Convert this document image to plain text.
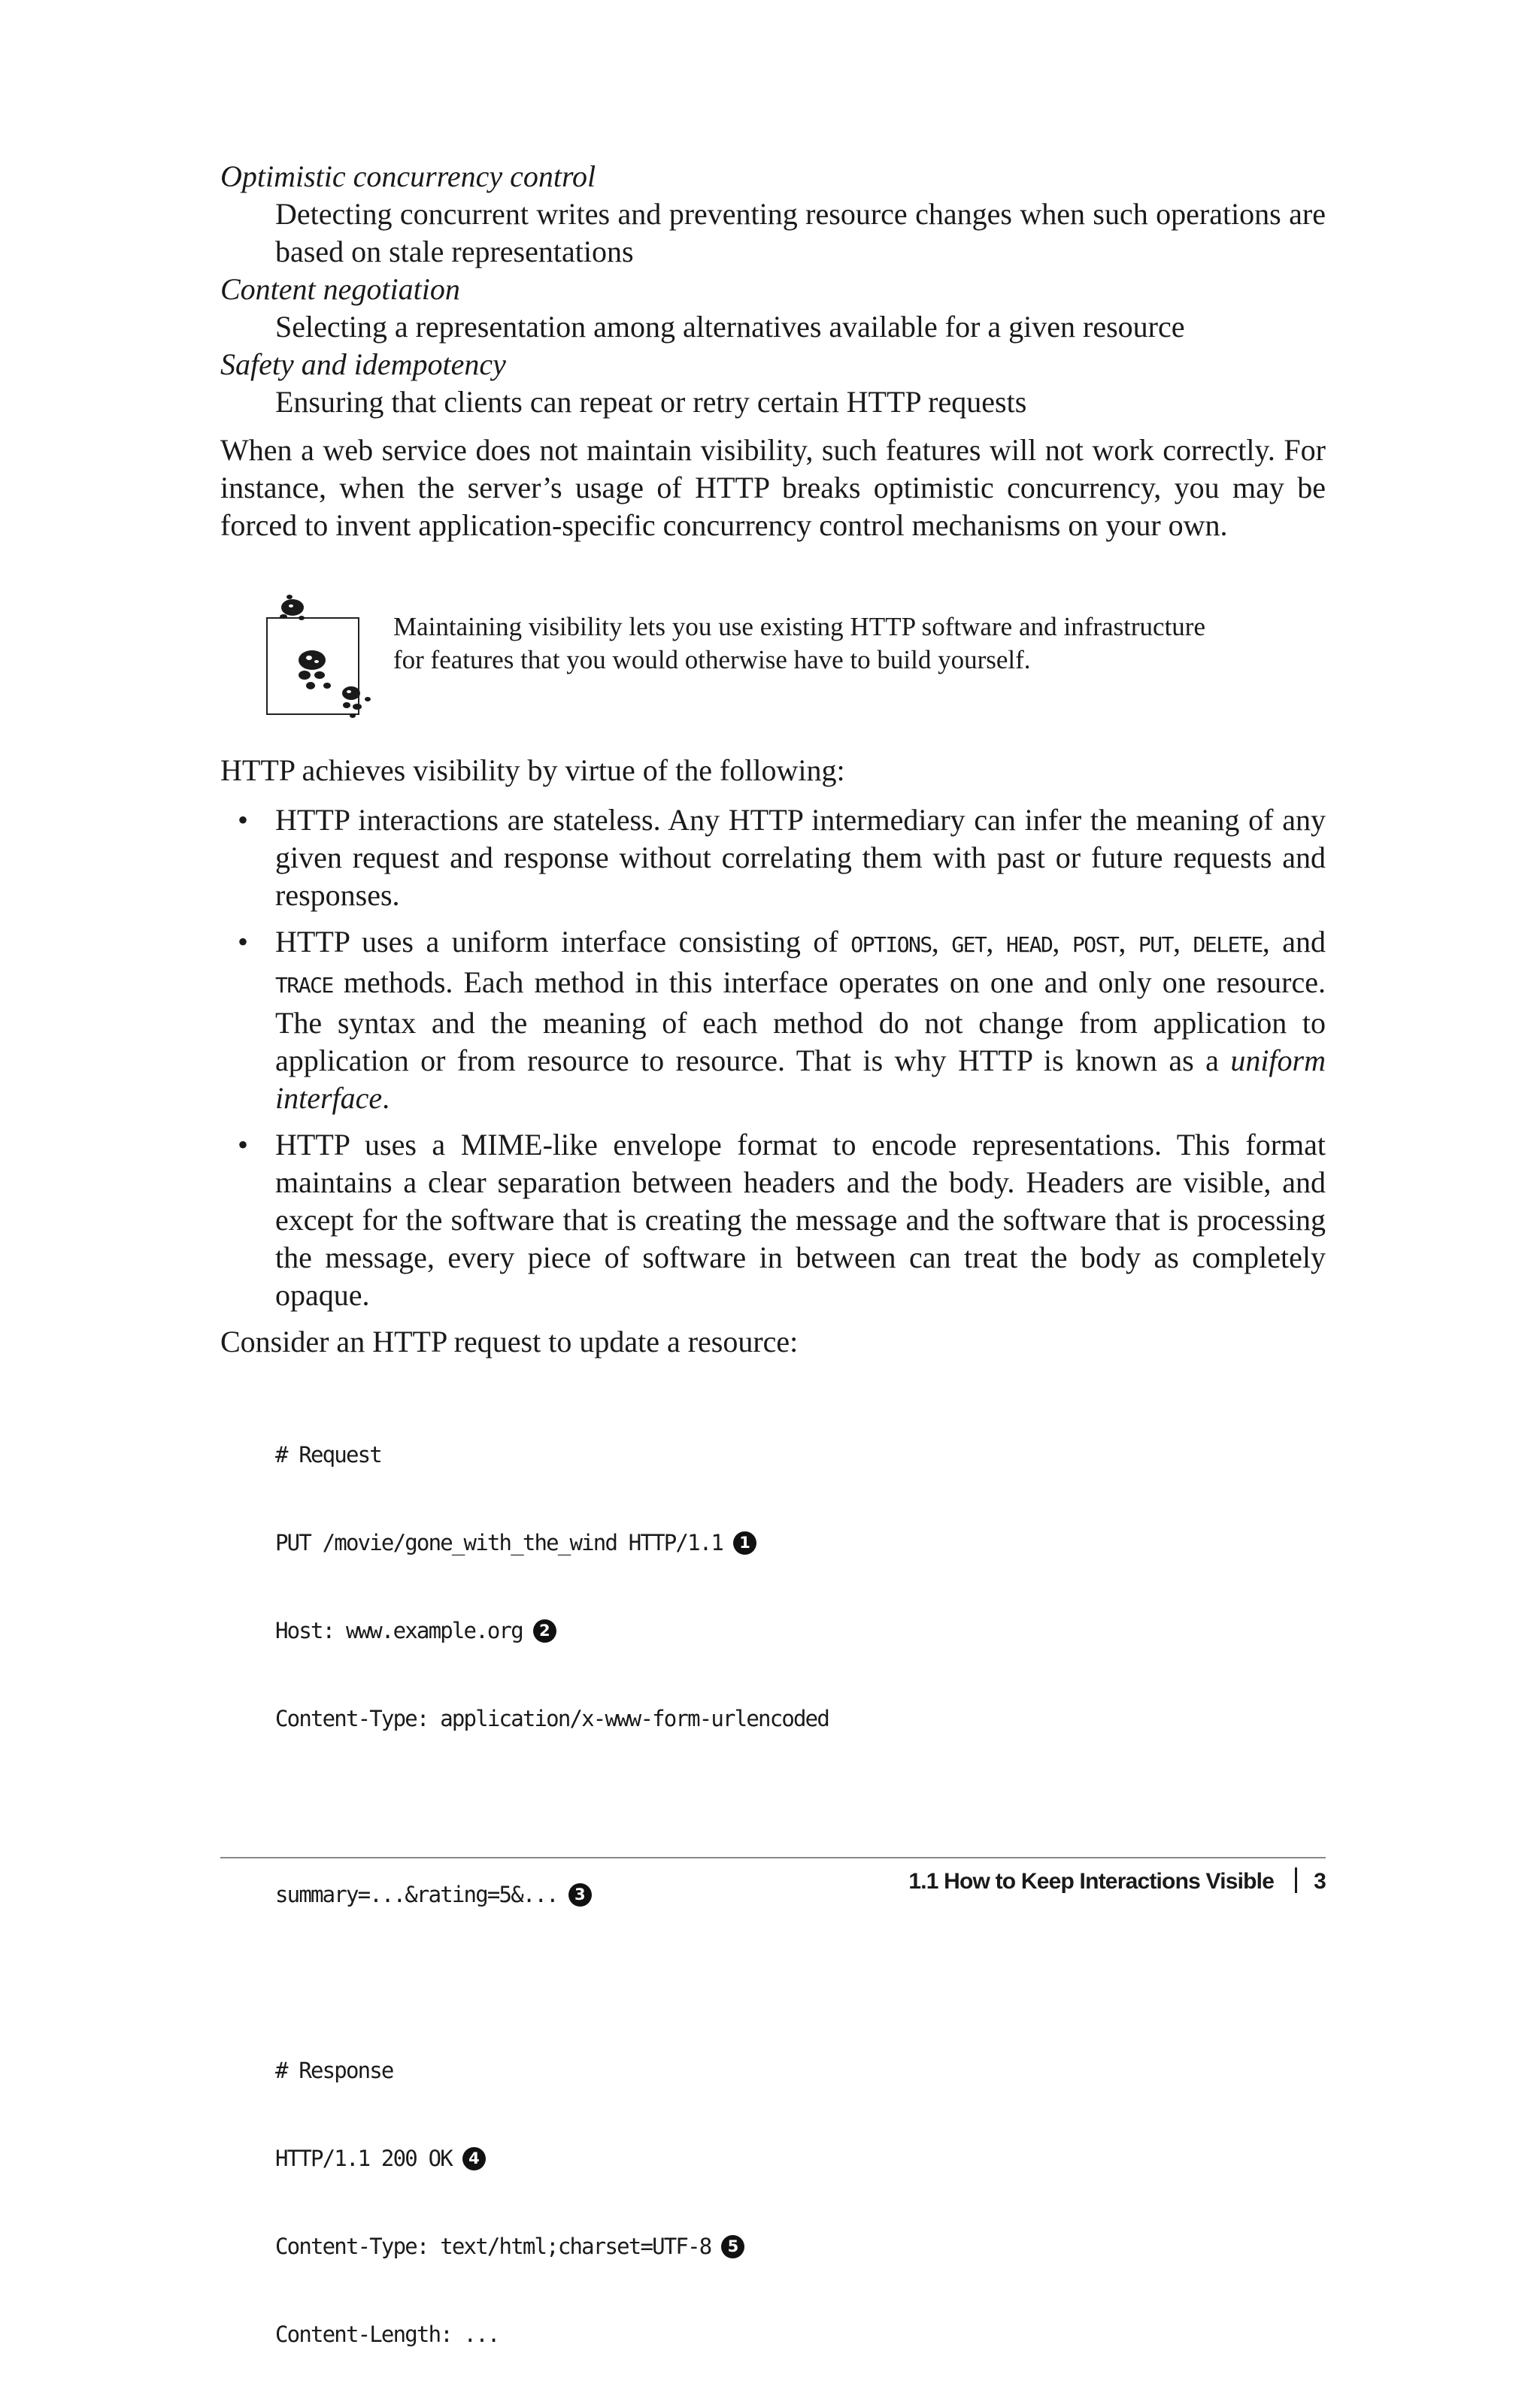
Optimistic concurrency control
Detecting concurrent writes and preventing resource changes when such operations are based on stale representations
Content negotiation
Selecting a representation among alternatives available for a given resource
Safety and idempotency
Ensuring that clients can repeat or retry certain HTTP requests

When a web service does not maintain visibility, such features will not work correctly. For instance, when the server’s usage of HTTP breaks optimistic concurrency, you may be forced to invent application-specific concurrency control mechanisms on your own.

Maintaining visibility lets you use existing HTTP software and infrastructure for features that you would otherwise have to build yourself.

HTTP achieves visibility by virtue of the following:

• HTTP interactions are stateless. Any HTTP intermediary can infer the meaning of any given request and response without correlating them with past or future requests and responses.
• HTTP uses a uniform interface consisting of OPTIONS, GET, HEAD, POST, PUT, DELETE, and TRACE methods. Each method in this interface operates on one and only one resource. The syntax and the meaning of each method do not change from application to application or from resource to resource. That is why HTTP is known as a uniform interface.
• HTTP uses a MIME-like envelope format to encode representations. This format maintains a clear separation between headers and the body. Headers are visible, and except for the software that is creating the message and the software that is processing the message, every piece of software in between can treat the body as completely opaque.

Consider an HTTP request to update a resource:

# Request

PUT /movie/gone_with_the_wind HTTP/1.1 1

Host: www.example.org 2

Content-Type: application/x-www-form-urlencoded

summary=...&rating=5&... 3

# Response

HTTP/1.1 200 OK 4

Content-Type: text/html;charset=UTF-8 5

Content-Length: ...

1.1 How to Keep Interactions Visible 3
